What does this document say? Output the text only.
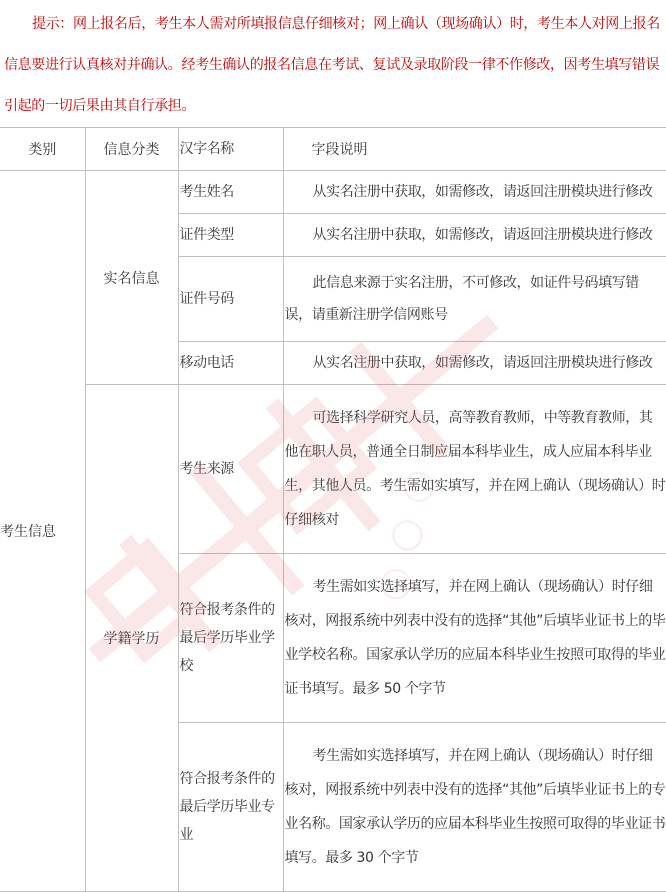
提示：网上报名后，考生本人需对所填报信息仔细核对；网上确认（现场确认）时，考生本人对网上报名信息要进行认真核对并确认。经考生确认的报名信息在考试、复试及录取阶段一律不作修改，因考生填写错误引起的一切后果由其自行承担。
类别	信息分类	汉字名称	字段说明
考生信息	实名信息	考生姓名	从实名注册中获取，如需修改，请返回注册模块进行修改
		证件类型	从实名注册中获取，如需修改，请返回注册模块进行修改
		证件号码	此信息来源于实名注册，不可修改，如证件号码填写错误，请重新注册学信网账号
		移动电话	从实名注册中获取，如需修改，请返回注册模块进行修改
	学籍学历	考生来源	可选择科学研究人员，高等教育教师，中等教育教师，其他在职人员，普通全日制应届本科毕业生，成人应届本科毕业生，其他人员。考生需如实填写，并在网上确认（现场确认）时仔细核对
		符合报考条件的最后学历毕业学校	考生需如实选择填写，并在网上确认（现场确认）时仔细核对，网报系统中列表中没有的选择“其他”后填毕业证书上的毕业学校名称。国家承认学历的应届本科毕业生按照可取得的毕业证书填写。最多 50 个字节
		符合报考条件的最后学历毕业专业	考生需如实选择填写，并在网上确认（现场确认）时仔细核对，网报系统中列表中没有的选择“其他”后填毕业证书上的专业名称。国家承认学历的应届本科毕业生按照可取得的毕业证书填写。最多 30 个字节
